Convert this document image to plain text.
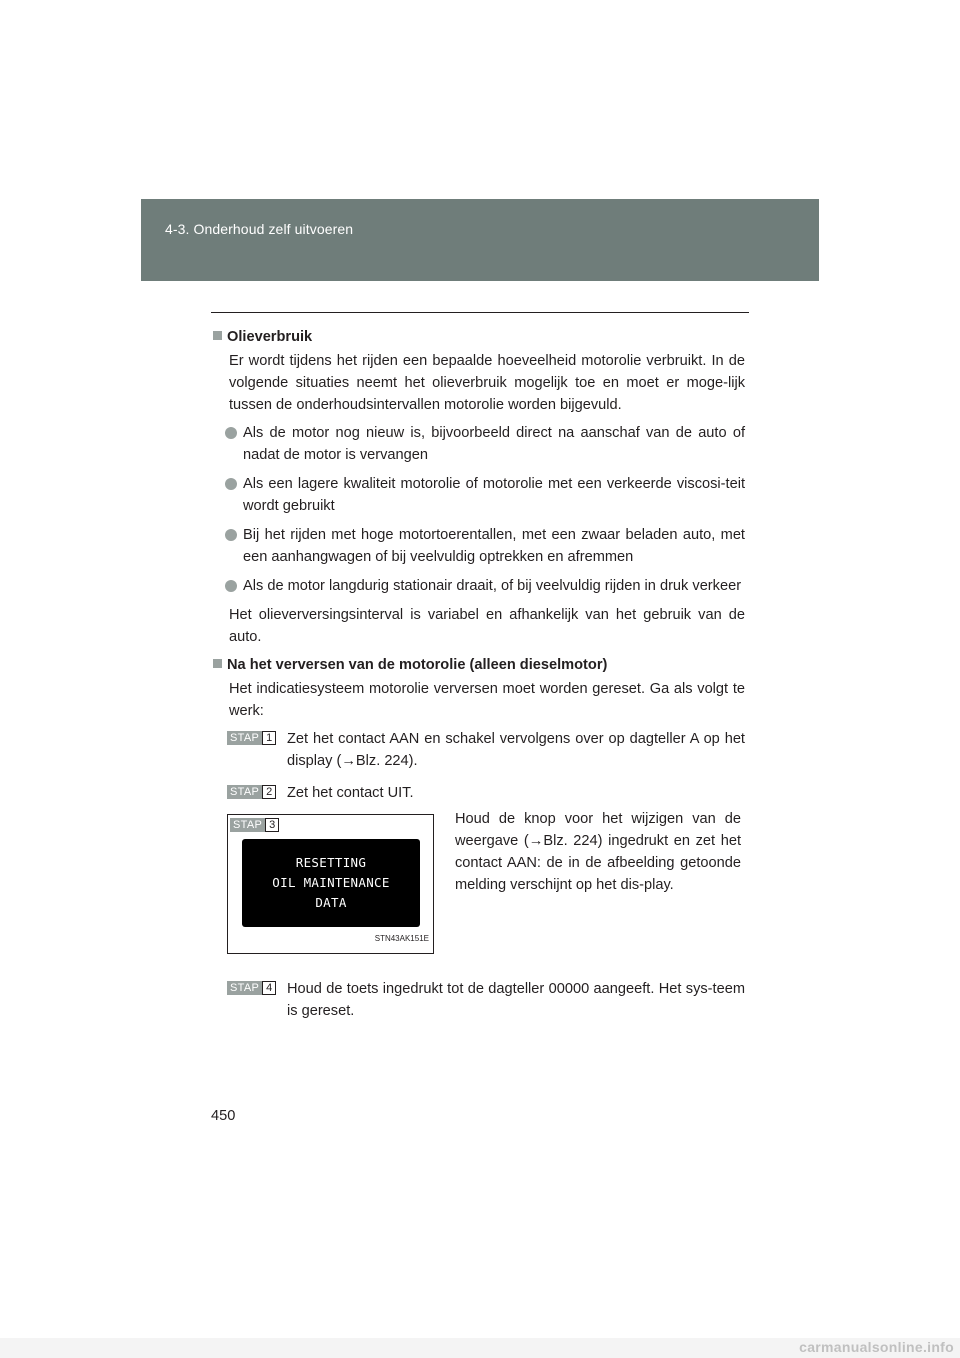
4-3. Onderhoud zelf uitvoeren
Olieverbruik
Er wordt tijdens het rijden een bepaalde hoeveelheid motorolie verbruikt. In de volgende situaties neemt het olieverbruik mogelijk toe en moet er moge-lijk tussen de onderhoudsintervallen motorolie worden bijgevuld.
Als de motor nog nieuw is, bijvoorbeeld direct na aanschaf van de auto of nadat de motor is vervangen
Als een lagere kwaliteit motorolie of motorolie met een verkeerde viscosi-teit wordt gebruikt
Bij het rijden met hoge motortoerentallen, met een zwaar beladen auto, met een aanhangwagen of bij veelvuldig optrekken en afremmen
Als de motor langdurig stationair draait, of bij veelvuldig rijden in druk verkeer
Het olieverversingsinterval is variabel en afhankelijk van het gebruik van de auto.
Na het verversen van de motorolie (alleen dieselmotor)
Het indicatiesysteem motorolie verversen moet worden gereset. Ga als volgt te werk:
STAP 1 Zet het contact AAN en schakel vervolgens over op dagteller A op het display (→Blz. 224).
STAP 2 Zet het contact UIT.
STAP 3
RESETTING
OIL MAINTENANCE
DATA
STN43AK151E
Houd de knop voor het wijzigen van de weergave (→Blz. 224) ingedrukt en zet het contact AAN: de in de afbeelding getoonde melding verschijnt op het dis-play.
STAP 4 Houd de toets ingedrukt tot de dagteller 00000 aangeeft. Het sys-teem is gereset.
450
carmanualsonline.info
